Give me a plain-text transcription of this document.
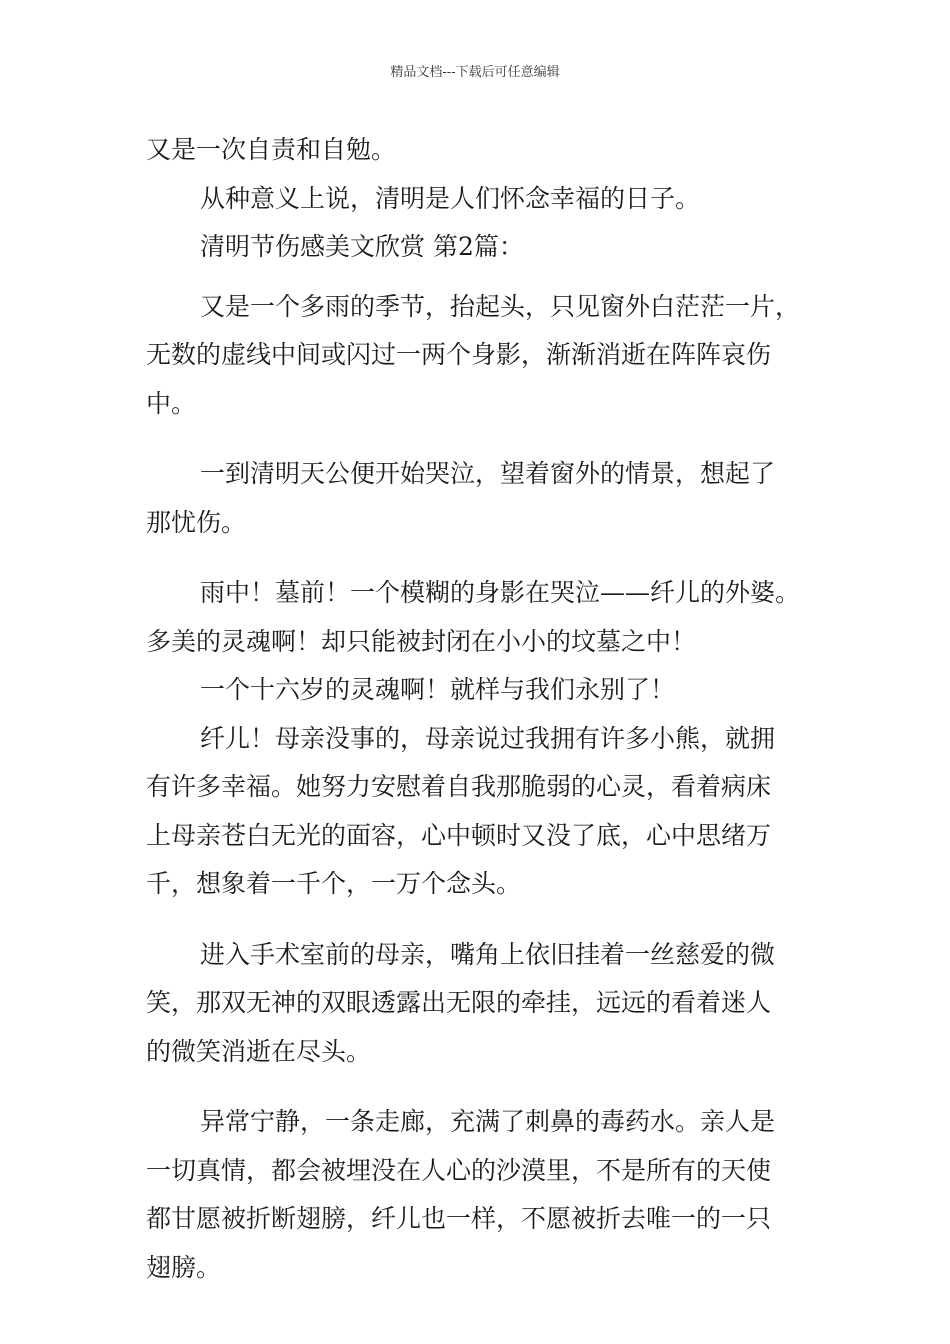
精品文档---下载后可任意编辑
又是一次自责和自勉。
从种意义上说，清明是人们怀念幸福的日子。
清明节伤感美文欣赏 第2篇：
又是一个多雨的季节，抬起头，只见窗外白茫茫一片，
无数的虚线中间或闪过一两个身影，渐渐消逝在阵阵哀伤
中。
一到清明天公便开始哭泣，望着窗外的情景，想起了
那忧伤。
雨中！墓前！一个模糊的身影在哭泣——纤儿的外婆。
多美的灵魂啊！却只能被封闭在小小的坟墓之中！
一个十六岁的灵魂啊！就样与我们永别了！
纤儿！母亲没事的，母亲说过我拥有许多小熊，就拥
有许多幸福。她努力安慰着自我那脆弱的心灵，看着病床
上母亲苍白无光的面容，心中顿时又没了底，心中思绪万
千，想象着一千个，一万个念头。
进入手术室前的母亲，嘴角上依旧挂着一丝慈爱的微
笑，那双无神的双眼透露出无限的牵挂，远远的看着迷人
的微笑消逝在尽头。
异常宁静，一条走廊，充满了刺鼻的毒药水。亲人是
一切真情，都会被埋没在人心的沙漠里，不是所有的天使
都甘愿被折断翅膀，纤儿也一样，不愿被折去唯一的一只
翅膀。
